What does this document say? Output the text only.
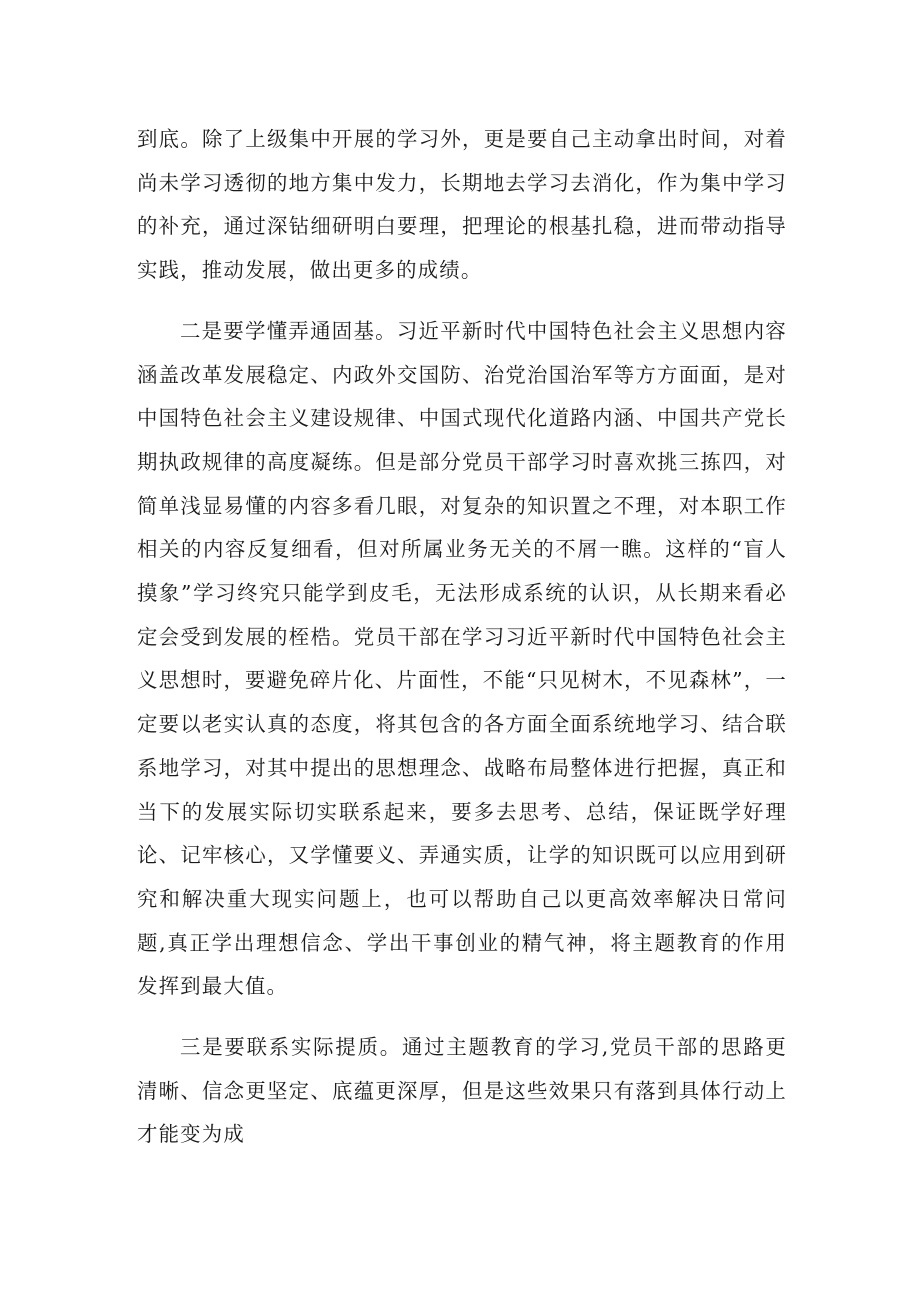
到底。除了上级集中开展的学习外，更是要自己主动拿出时间，对着尚未学习透彻的地方集中发力，长期地去学习去消化，作为集中学习的补充，通过深钻细研明白要理，把理论的根基扎稳，进而带动指导实践，推动发展，做出更多的成绩。

二是要学懂弄通固基。习近平新时代中国特色社会主义思想内容涵盖改革发展稳定、内政外交国防、治党治国治军等方方面面，是对中国特色社会主义建设规律、中国式现代化道路内涵、中国共产党长期执政规律的高度凝练。但是部分党员干部学习时喜欢挑三拣四，对简单浅显易懂的内容多看几眼，对复杂的知识置之不理，对本职工作相关的内容反复细看，但对所属业务无关的不屑一瞧。这样的“盲人摸象”学习终究只能学到皮毛，无法形成系统的认识，从长期来看必定会受到发展的桎梏。党员干部在学习习近平新时代中国特色社会主义思想时，要避免碎片化、片面性，不能“只见树木，不见森林”，一定要以老实认真的态度，将其包含的各方面全面系统地学习、结合联系地学习，对其中提出的思想理念、战略布局整体进行把握，真正和当下的发展实际切实联系起来，要多去思考、总结，保证既学好理论、记牢核心，又学懂要义、弄通实质，让学的知识既可以应用到研究和解决重大现实问题上，也可以帮助自己以更高效率解决日常问题,真正学出理想信念、学出干事创业的精气神，将主题教育的作用发挥到最大值。

三是要联系实际提质。通过主题教育的学习,党员干部的思路更清晰、信念更坚定、底蕴更深厚，但是这些效果只有落到具体行动上才能变为成
